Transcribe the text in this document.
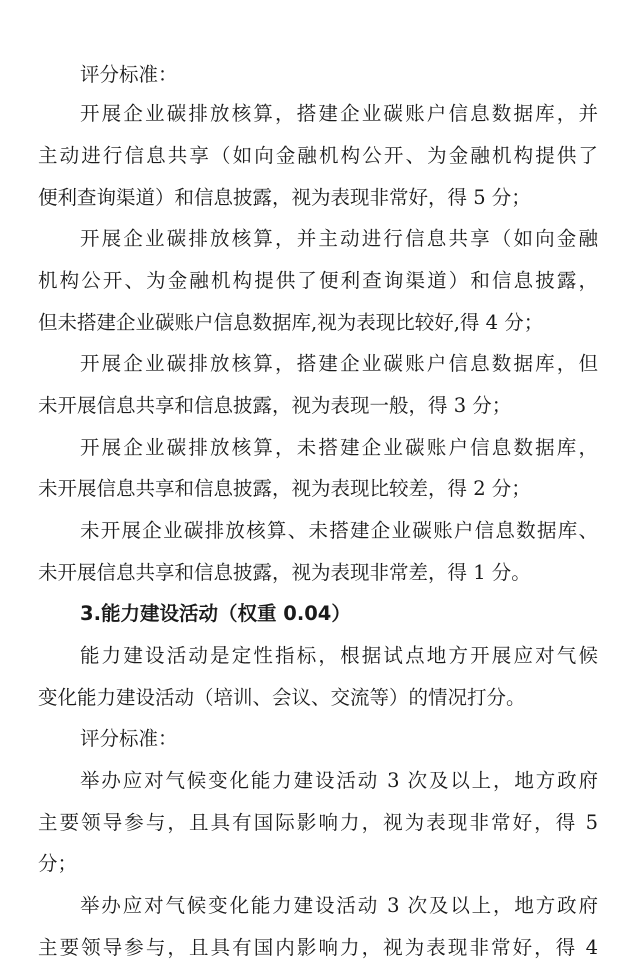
评分标准：
开展企业碳排放核算，搭建企业碳账户信息数据库，并
主动进行信息共享（如向金融机构公开、为金融机构提供了
便利查询渠道）和信息披露，视为表现非常好，得 5 分；
开展企业碳排放核算，并主动进行信息共享（如向金融
机构公开、为金融机构提供了便利查询渠道）和信息披露，
但未搭建企业碳账户信息数据库,视为表现比较好,得 4 分；
开展企业碳排放核算，搭建企业碳账户信息数据库，但
未开展信息共享和信息披露，视为表现一般，得 3 分；
开展企业碳排放核算，未搭建企业碳账户信息数据库，
未开展信息共享和信息披露，视为表现比较差，得 2 分；
未开展企业碳排放核算、未搭建企业碳账户信息数据库、
未开展信息共享和信息披露，视为表现非常差，得 1 分。
3.能力建设活动（权重 0.04）
能力建设活动是定性指标，根据试点地方开展应对气候
变化能力建设活动（培训、会议、交流等）的情况打分。
评分标准：
举办应对气候变化能力建设活动 3 次及以上，地方政府
主要领导参与，且具有国际影响力，视为表现非常好，得 5
分；
举办应对气候变化能力建设活动 3 次及以上，地方政府
主要领导参与，且具有国内影响力，视为表现非常好，得 4
